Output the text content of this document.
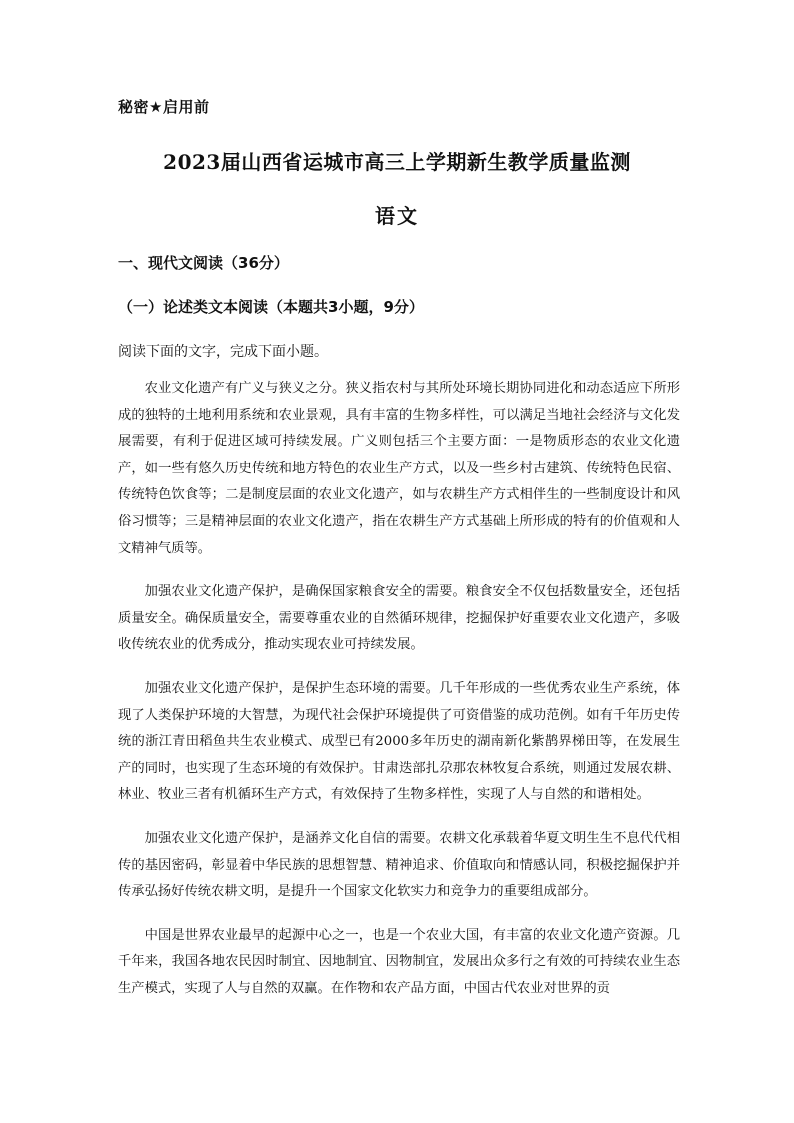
秘密★启用前
2023届山西省运城市高三上学期新生教学质量监测
语文
一、现代文阅读（36分）
（一）论述类文本阅读（本题共3小题，9分）
阅读下面的文字，完成下面小题。

农业文化遗产有广义与狭义之分。狭义指农村与其所处环境长期协同进化和动态适应下所形成的独特的土地利用系统和农业景观，具有丰富的生物多样性，可以满足当地社会经济与文化发展需要，有利于促进区域可持续发展。广义则包括三个主要方面：一是物质形态的农业文化遗产，如一些有悠久历史传统和地方特色的农业生产方式，以及一些乡村古建筑、传统特色民宿、传统特色饮食等；二是制度层面的农业文化遗产，如与农耕生产方式相伴生的一些制度设计和风俗习惯等；三是精神层面的农业文化遗产，指在农耕生产方式基础上所形成的特有的价值观和人文精神气质等。

加强农业文化遗产保护，是确保国家粮食安全的需要。粮食安全不仅包括数量安全，还包括质量安全。确保质量安全，需要尊重农业的自然循环规律，挖掘保护好重要农业文化遗产，多吸收传统农业的优秀成分，推动实现农业可持续发展。

加强农业文化遗产保护，是保护生态环境的需要。几千年形成的一些优秀农业生产系统，体现了人类保护环境的大智慧，为现代社会保护环境提供了可资借鉴的成功范例。如有千年历史传统的浙江青田稻鱼共生农业模式、成型已有2000多年历史的湖南新化紫鹊界梯田等，在发展生产的同时，也实现了生态环境的有效保护。甘肃迭部扎尕那农林牧复合系统，则通过发展农耕、林业、牧业三者有机循环生产方式，有效保持了生物多样性，实现了人与自然的和谐相处。

加强农业文化遗产保护，是涵养文化自信的需要。农耕文化承载着华夏文明生生不息代代相传的基因密码，彰显着中华民族的思想智慧、精神追求、价值取向和情感认同，积极挖掘保护并传承弘扬好传统农耕文明，是提升一个国家文化软实力和竞争力的重要组成部分。

中国是世界农业最早的起源中心之一，也是一个农业大国，有丰富的农业文化遗产资源。几千年来，我国各地农民因时制宜、因地制宜、因物制宜，发展出众多行之有效的可持续农业生态生产模式，实现了人与自然的双赢。在作物和农产品方面，中国古代农业对世界的贡
